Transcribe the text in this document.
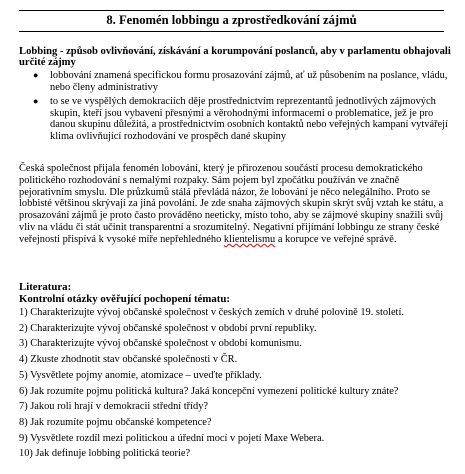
8. Fenomén lobbingu a zprostředkování zájmů
Lobbing - způsob ovlivňování, získávání a korumpování poslanců, aby v parlamentu obhajovali určité zájmy
● lobbování znamená specifickou formu prosazování zájmů, ať už působením na poslance, vládu, nebo členy administrativy
● to se ve vyspělých demokraciích děje prostřednictvím reprezentantů jednotlivých zájmových skupin, kteří jsou vybaveni přesnými a věrohodnými informacemi o problematice, jež je pro danou skupinu důležitá, a prostřednictvím osobních kontaktů nebo veřejných kampaní vytvářejí klima ovlivňující rozhodování ve prospěch dané skupiny
Česká společnost přijala fenomén lobování, který je přirozenou součástí procesu demokratického politického rozhodování s nemalými rozpaky. Sám pojem byl zpočátku používán ve značně pejorativním smyslu. Dle průzkumů stálá převládá názor, že lobování je něco nelegálního. Proto se lobbisté většinou skrývají za jiná povolání. Je zde snaha zájmových skupin skrýt svůj vztah ke státu, a prosazování zájmů je proto často prováděno neeticky, místo toho, aby se zájmové skupiny snažili svůj vliv na vládu či stát učinit transparentní a srozumitelný. Negativní přijímání lobbingu ze strany české veřejnosti přispívá k vysoké míře nepřehledného klientelismu a korupce ve veřejné správě.
Literatura:
Kontrolní otázky ověřující pochopení tématu:
1) Charakterizujte vývoj občanské společnost v českých zemích v druhé polovině 19. století.
2) Charakterizujte vývoj občanské společnost v období první republiky.
3) Charakterizujte vývoj občanské společnost v období komunismu.
4) Zkuste zhodnotit stav občanské společnosti v ČR.
5) Vysvětlete pojmy anomie, atomizace – uveďte příklady.
6) Jak rozumíte pojmu politická kultura? Jaká koncepční vymezení politické kultury znáte?
7) Jakou roli hrají v demokracii střední třídy?
8) Jak rozumíte pojmu občanské kompetence?
9) Vysvětlete rozdíl mezi politickou a úřední mocí v pojetí Maxe Webera.
10) Jak definuje lobbing politická teorie?
